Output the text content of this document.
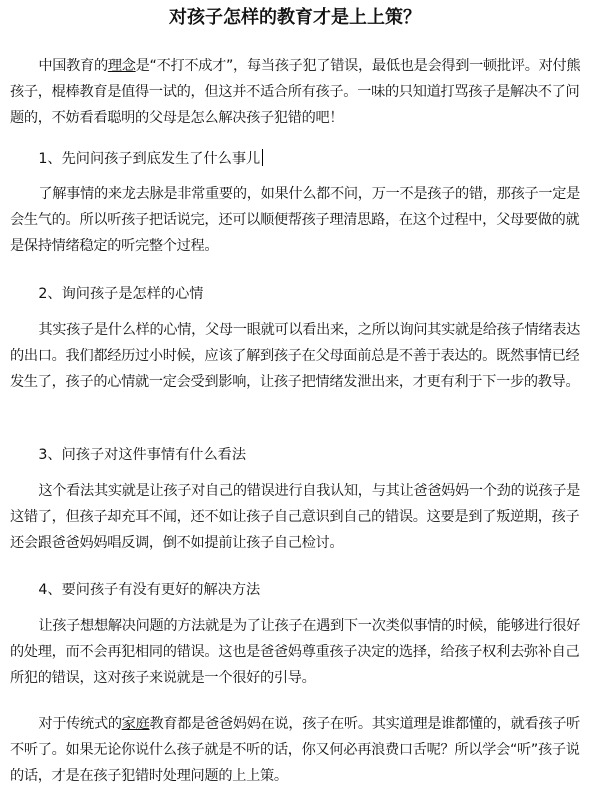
对孩子怎样的教育才是上上策？

中国教育的理念是“不打不成才”，每当孩子犯了错误，最低也是会得到一顿批评。对付熊孩子，棍棒教育是值得一试的，但这并不适合所有孩子。一味的只知道打骂孩子是解决不了问题的，不妨看看聪明的父母是怎么解决孩子犯错的吧！

1、先问问孩子到底发生了什么事儿

了解事情的来龙去脉是非常重要的，如果什么都不问，万一不是孩子的错，那孩子一定是会生气的。所以听孩子把话说完，还可以顺便帮孩子理清思路，在这个过程中，父母要做的就是保持情绪稳定的听完整个过程。

2、询问孩子是怎样的心情

其实孩子是什么样的心情，父母一眼就可以看出来，之所以询问其实就是给孩子情绪表达的出口。我们都经历过小时候，应该了解到孩子在父母面前总是不善于表达的。既然事情已经发生了，孩子的心情就一定会受到影响，让孩子把情绪发泄出来，才更有利于下一步的教导。

3、问孩子对这件事情有什么看法

这个看法其实就是让孩子对自己的错误进行自我认知，与其让爸爸妈妈一个劲的说孩子是这错了，但孩子却充耳不闻，还不如让孩子自己意识到自己的错误。这要是到了叛逆期，孩子还会跟爸爸妈妈唱反调，倒不如提前让孩子自己检讨。

4、要问孩子有没有更好的解决方法

让孩子想想解决问题的方法就是为了让孩子在遇到下一次类似事情的时候，能够进行很好的处理，而不会再犯相同的错误。这也是爸爸妈尊重孩子决定的选择，给孩子权利去弥补自己所犯的错误，这对孩子来说就是一个很好的引导。

对于传统式的家庭教育都是爸爸妈妈在说，孩子在听。其实道理是谁都懂的，就看孩子听不听了。如果无论你说什么孩子就是不听的话，你又何必再浪费口舌呢？所以学会“听”孩子说的话，才是在孩子犯错时处理问题的上上策。
